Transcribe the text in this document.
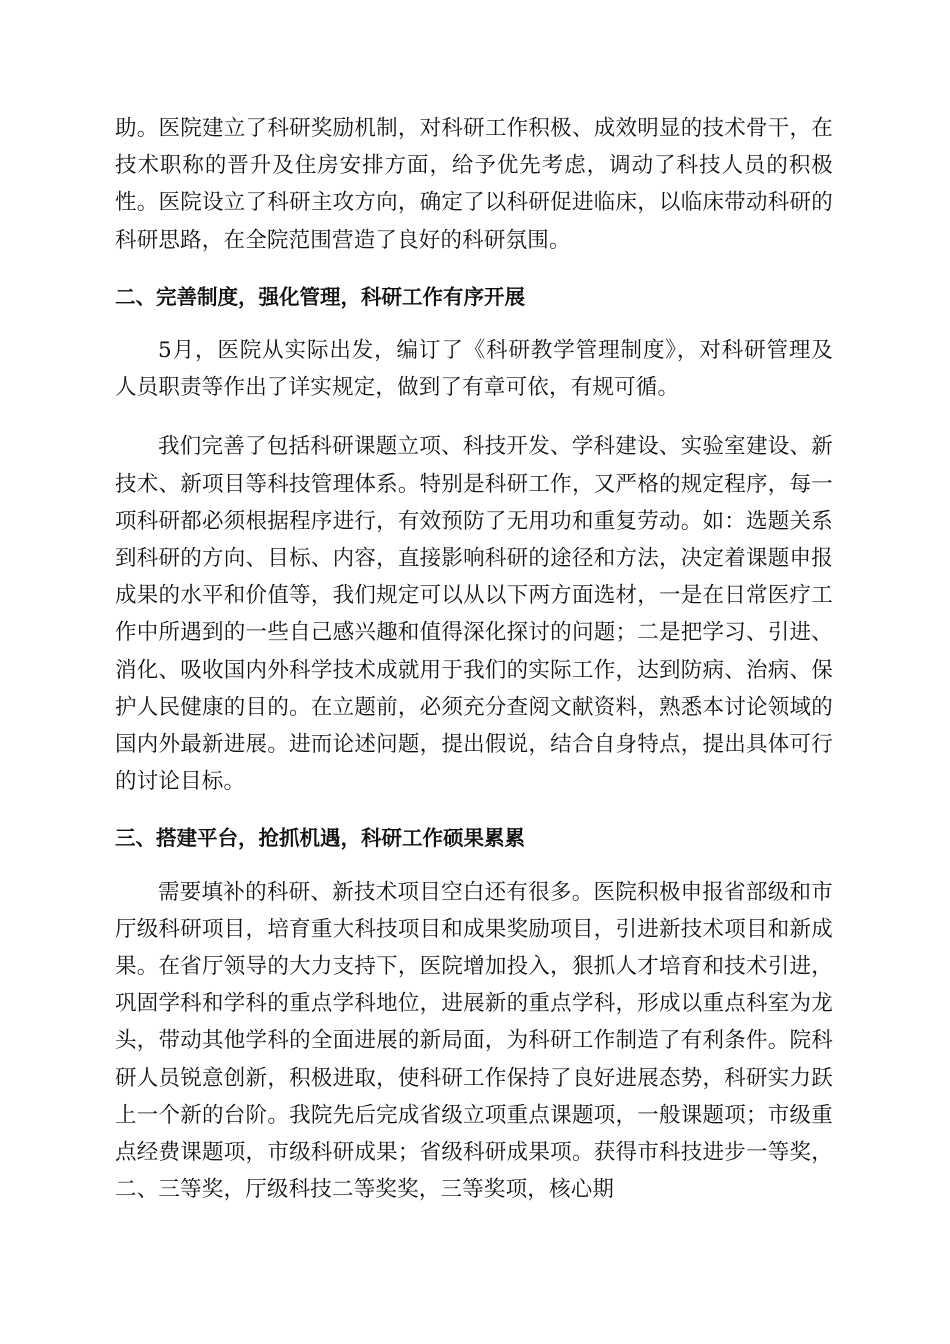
助。医院建立了科研奖励机制，对科研工作积极、成效明显的技术骨干，在技术职称的晋升及住房安排方面，给予优先考虑，调动了科技人员的积极性。医院设立了科研主攻方向，确定了以科研促进临床，以临床带动科研的科研思路，在全院范围营造了良好的科研氛围。

二、完善制度，强化管理，科研工作有序开展

5月，医院从实际出发，编订了《科研教学管理制度》，对科研管理及人员职责等作出了详实规定，做到了有章可依，有规可循。

我们完善了包括科研课题立项、科技开发、学科建设、实验室建设、新技术、新项目等科技管理体系。特别是科研工作，又严格的规定程序，每一项科研都必须根据程序进行，有效预防了无用功和重复劳动。如：选题关系到科研的方向、目标、内容，直接影响科研的途径和方法，决定着课题申报成果的水平和价值等，我们规定可以从以下两方面选材，一是在日常医疗工作中所遇到的一些自己感兴趣和值得深化探讨的问题；二是把学习、引进、消化、吸收国内外科学技术成就用于我们的实际工作，达到防病、治病、保护人民健康的目的。在立题前，必须充分查阅文献资料，熟悉本讨论领域的国内外最新进展。进而论述问题，提出假说，结合自身特点，提出具体可行的讨论目标。

三、搭建平台，抢抓机遇，科研工作硕果累累

需要填补的科研、新技术项目空白还有很多。医院积极申报省部级和市厅级科研项目，培育重大科技项目和成果奖励项目，引进新技术项目和新成果。在省厅领导的大力支持下，医院增加投入，狠抓人才培育和技术引进，巩固学科和学科的重点学科地位，进展新的重点学科，形成以重点科室为龙头，带动其他学科的全面进展的新局面，为科研工作制造了有利条件。院科研人员锐意创新，积极进取，使科研工作保持了良好进展态势，科研实力跃上一个新的台阶。我院先后完成省级立项重点课题项，一般课题项；市级重点经费课题项，市级科研成果；省级科研成果项。获得市科技进步一等奖，二、三等奖，厅级科技二等奖奖，三等奖项，核心期
